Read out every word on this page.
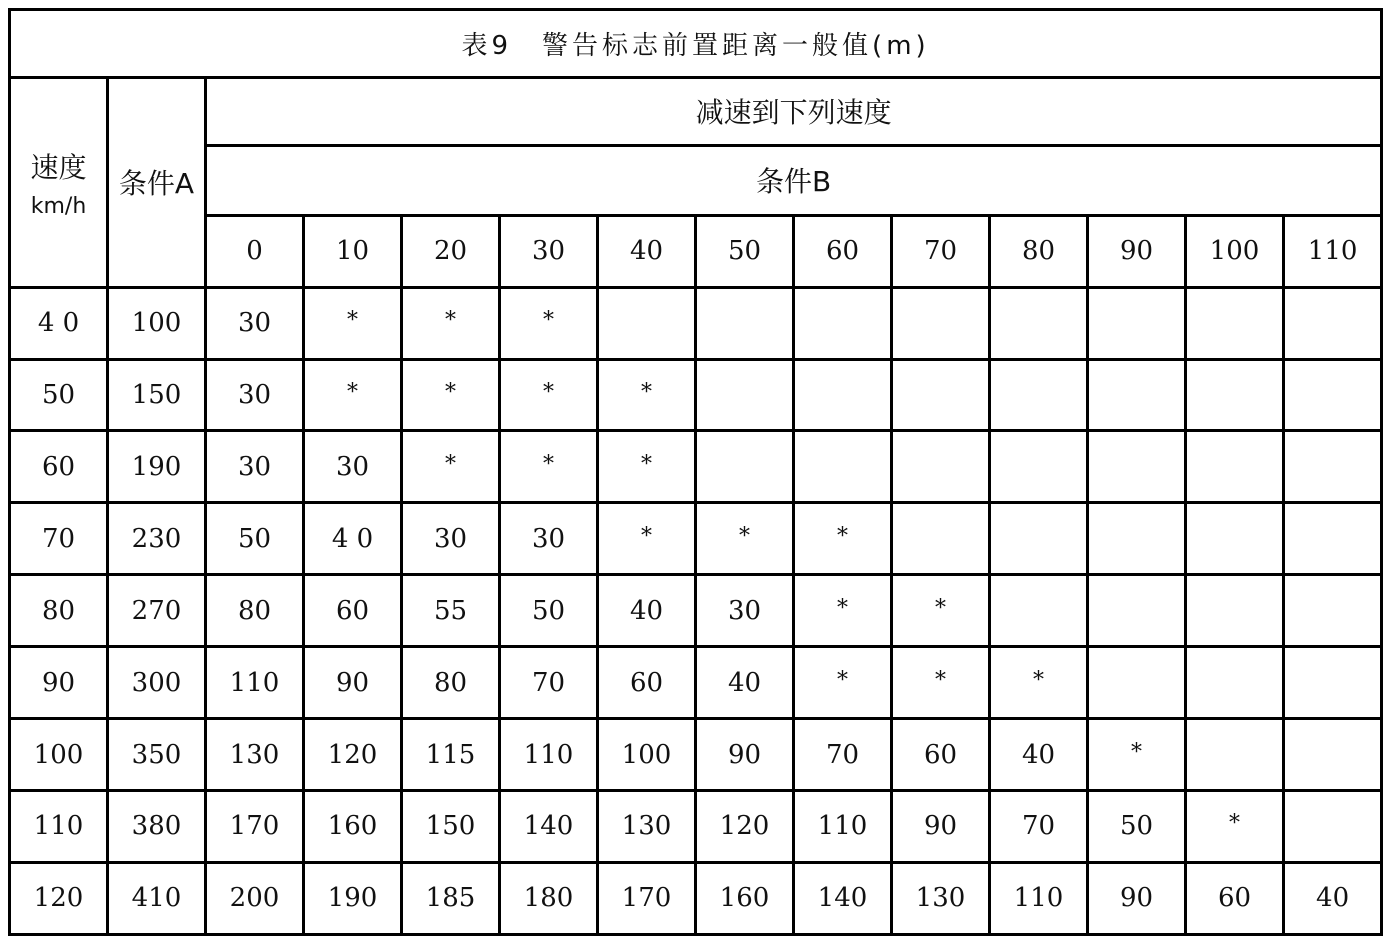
表9　警告标志前置距离一般值(m)													
速度
km/h	条件A	减速到下列速度											
		条件B											
		0	10	20	30	40	50	60	70	80	90	100	110
4 0	100	30	*	*	*								
50	150	30	*	*	*	*							
60	190	30	30	*	*	*							
70	230	50	4 0	30	30	*	*	*					
80	270	80	60	55	50	40	30	*	*				
90	300	110	90	80	70	60	40	*	*	*			
100	350	130	120	115	110	100	90	70	60	40	*		
110	380	170	160	150	140	130	120	110	90	70	50	*	
120	410	200	190	185	180	170	160	140	130	110	90	60	40
